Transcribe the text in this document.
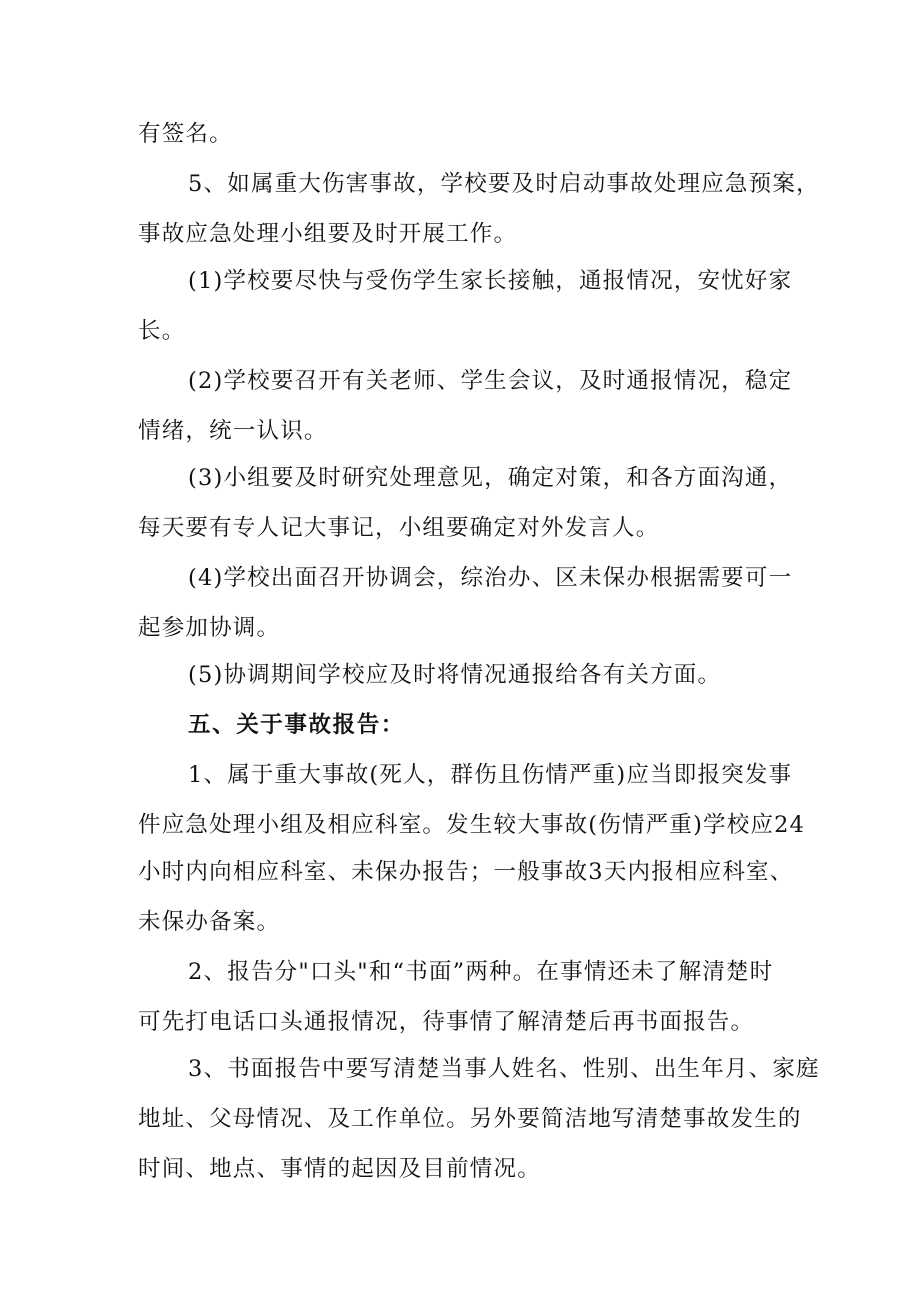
有签名。
5、如属重大伤害事故，学校要及时启动事故处理应急预案，
事故应急处理小组要及时开展工作。
(1)学校要尽快与受伤学生家长接触，通报情况，安忧好家
长。
(2)学校要召开有关老师、学生会议，及时通报情况，稳定
情绪，统一认识。
(3)小组要及时研究处理意见，确定对策，和各方面沟通，
每天要有专人记大事记，小组要确定对外发言人。
(4)学校出面召开协调会，综治办、区未保办根据需要可一
起参加协调。
(5)协调期间学校应及时将情况通报给各有关方面。
五、关于事故报告：
1、属于重大事故(死人，群伤且伤情严重)应当即报突发事
件应急处理小组及相应科室。发生较大事故(伤情严重)学校应24
小时内向相应科室、未保办报告；一般事故3天内报相应科室、
未保办备案。
2、报告分"口头"和“书面”两种。在事情还未了解清楚时
可先打电话口头通报情况，待事情了解清楚后再书面报告。
3、书面报告中要写清楚当事人姓名、性别、出生年月、家庭
地址、父母情况、及工作单位。另外要简洁地写清楚事故发生的
时间、地点、事情的起因及目前情况。
